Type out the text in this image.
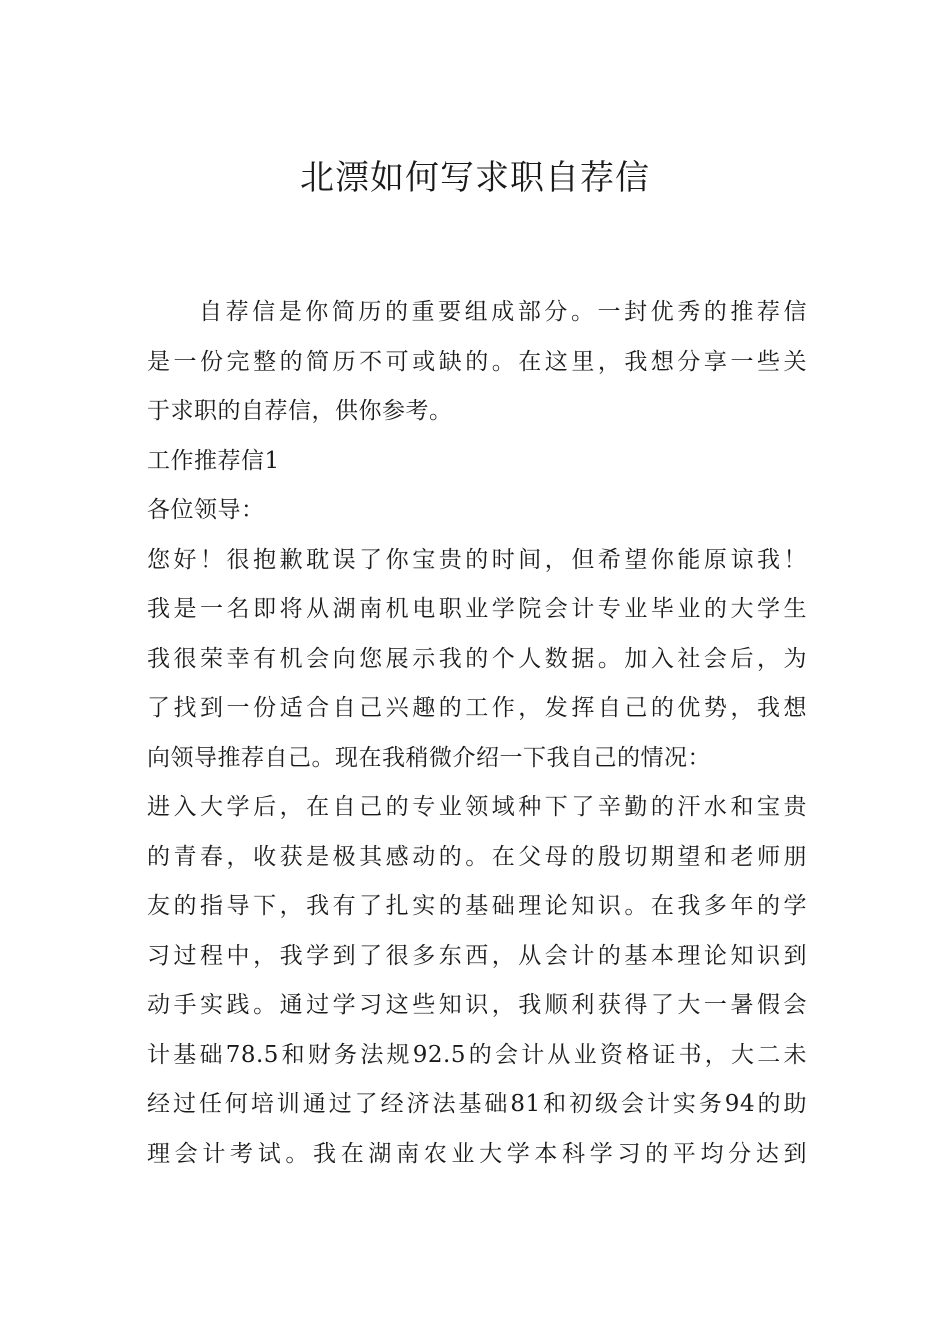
北漂如何写求职自荐信
自荐信是你简历的重要组成部分。一封优秀的推荐信
是一份完整的简历不可或缺的。在这里，我想分享一些关
于求职的自荐信，供你参考。
工作推荐信1
各位领导：
您好！很抱歉耽误了你宝贵的时间，但希望你能原谅我！
我是一名即将从湖南机电职业学院会计专业毕业的大学生
我很荣幸有机会向您展示我的个人数据。加入社会后，为
了找到一份适合自己兴趣的工作，发挥自己的优势，我想
向领导推荐自己。现在我稍微介绍一下我自己的情况：
进入大学后，在自己的专业领域种下了辛勤的汗水和宝贵
的青春，收获是极其感动的。在父母的殷切期望和老师朋
友的指导下，我有了扎实的基础理论知识。在我多年的学
习过程中，我学到了很多东西，从会计的基本理论知识到
动手实践。通过学习这些知识，我顺利获得了大一暑假会
计基础78.5和财务法规92.5的会计从业资格证书，大二未
经过任何培训通过了经济法基础81和初级会计实务94的助
理会计考试。我在湖南农业大学本科学习的平均分达到
